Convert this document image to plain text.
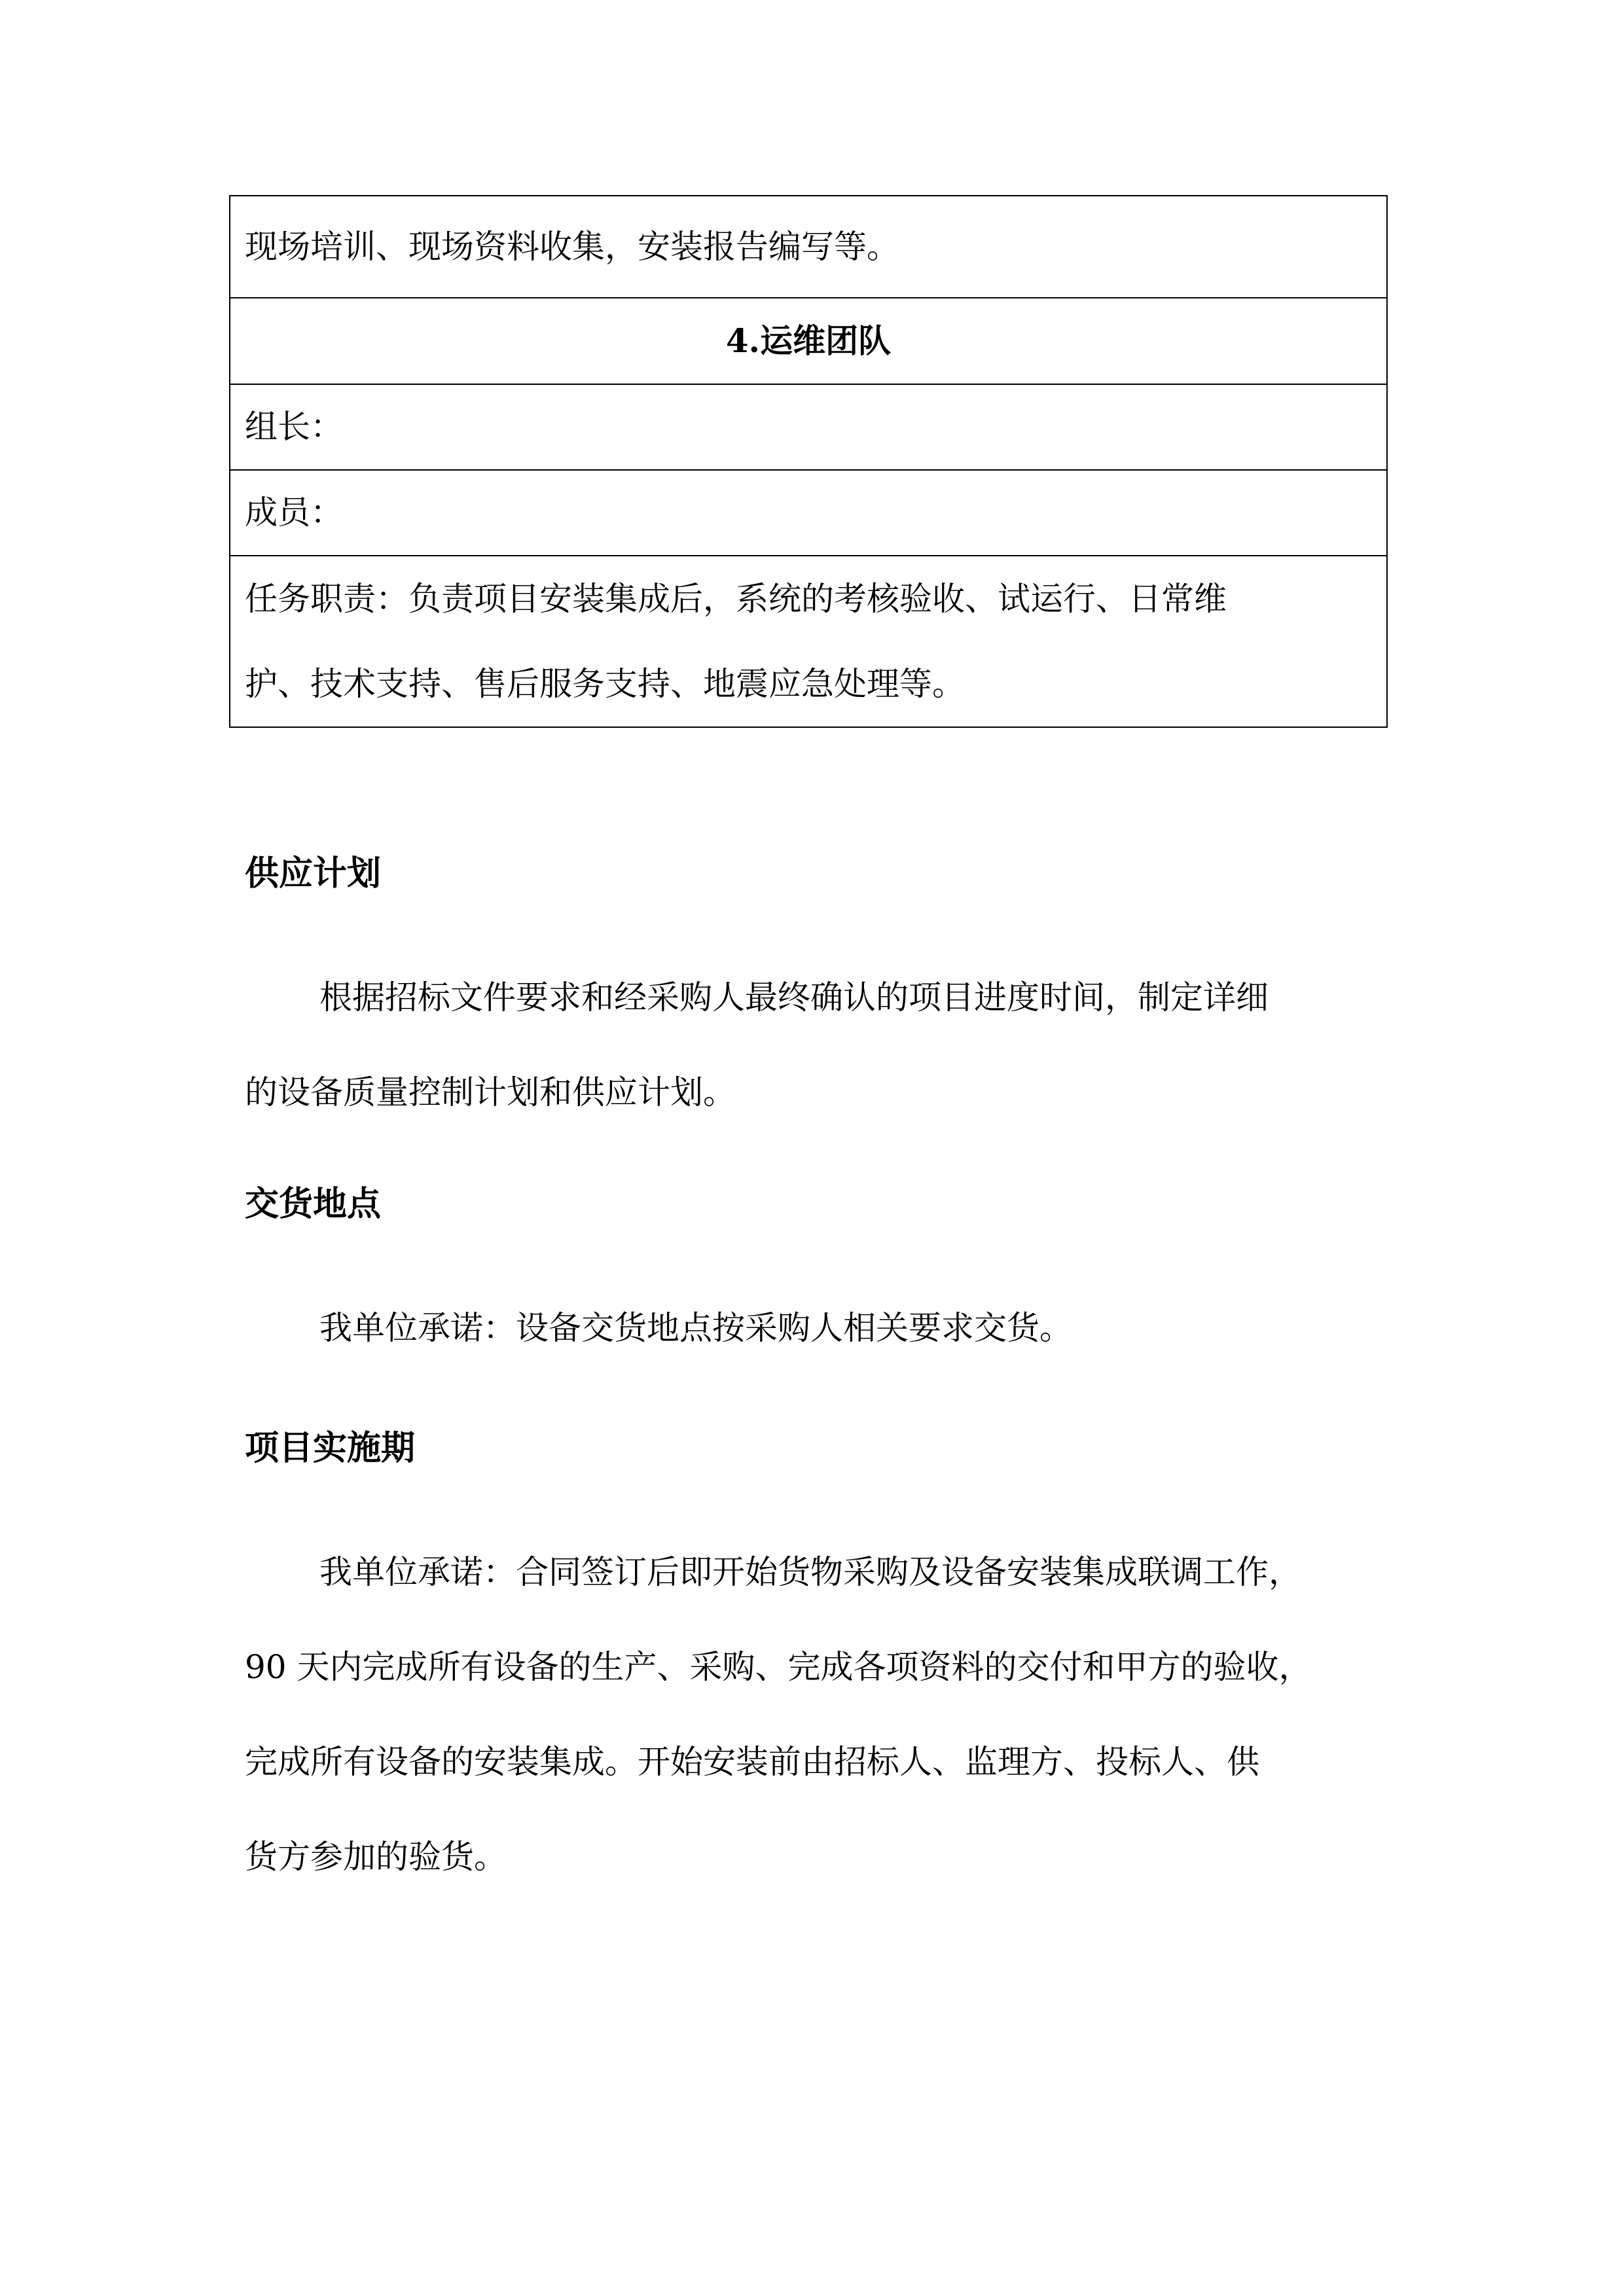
现场培训、现场资料收集，安装报告编写等。
4.运维团队
组长：
成员：

任务职责：负责项目安装集成后，系统的考核验收、试运行、日常维
护、技术支持、售后服务支持、地震应急处理等。
供应计划
根据招标文件要求和经采购人最终确认的项目进度时间，制定详细
的设备质量控制计划和供应计划。
交货地点
我单位承诺：设备交货地点按采购人相关要求交货。
项目实施期
我单位承诺：合同签订后即开始货物采购及设备安装集成联调工作，
90 天内完成所有设备的生产、采购、完成各项资料的交付和甲方的验收，
完成所有设备的安装集成。开始安装前由招标人、监理方、投标人、供
货方参加的验货。
